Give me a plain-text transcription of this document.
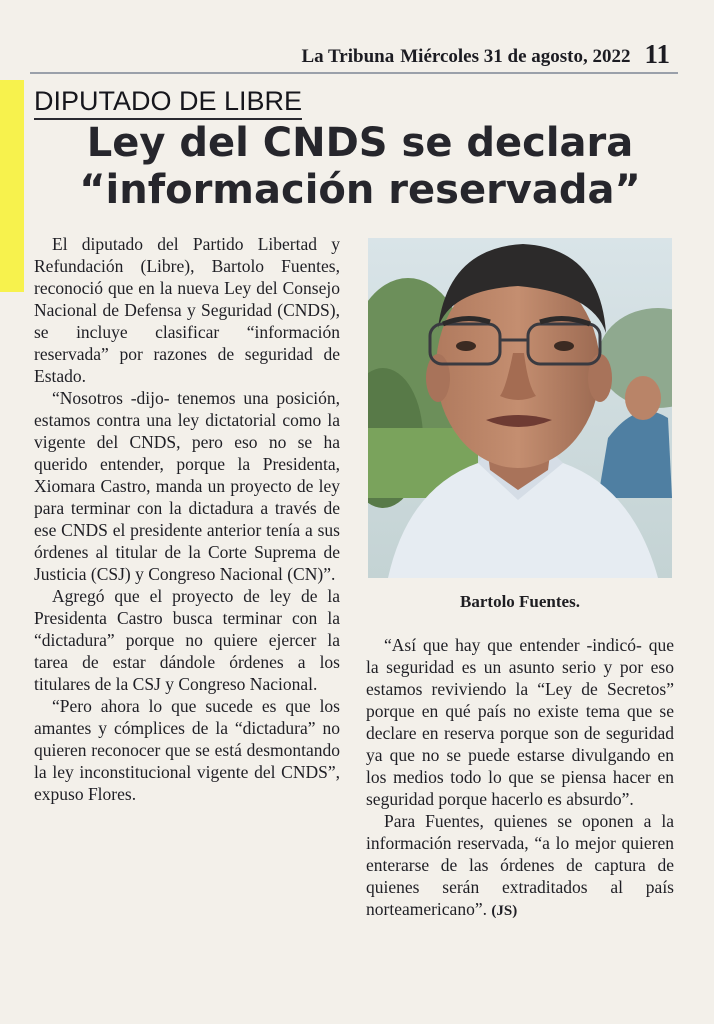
La Tribuna Miércoles 31 de agosto, 2022 11
DIPUTADO DE LIBRE
Ley del CNDS se declara
“información reservada”

El diputado del Partido Libertad y Refundación (Libre), Bartolo Fuentes, reconoció que en la nueva Ley del Consejo Nacional de Defensa y Seguridad (CNDS), se incluye clasificar “información reservada” por razones de seguridad de Estado.

“Nosotros -dijo- tenemos una posición, estamos contra una ley dictatorial como la vigente del CNDS, pero eso no se ha querido entender, porque la Presidenta, Xiomara Castro, manda un proyecto de ley para terminar con la dictadura a través de ese CNDS el presidente anterior tenía a sus órdenes al titular de la Corte Suprema de Justicia (CSJ) y Congreso Nacional (CN)”.

Agregó que el proyecto de ley de la Presidenta Castro busca terminar con la “dictadura” porque no quiere ejercer la tarea de estar dándole órdenes a los titulares de la CSJ y Congreso Nacional.

“Pero ahora lo que sucede es que los amantes y cómplices de la “dictadura” no quieren reconocer que se está desmontando la ley inconstitucional vigente del CNDS”, expuso Flores.

Bartolo Fuentes.

“Así que hay que entender -indicó- que la seguridad es un asunto serio y por eso estamos reviviendo la “Ley de Secretos” porque en qué país no existe tema que se declare en reserva porque son de seguridad ya que no se puede estarse divulgando en los medios todo lo que se piensa hacer en seguridad porque hacerlo es absurdo”.

Para Fuentes, quienes se oponen a la información reservada, “a lo mejor quieren enterarse de las órdenes de captura de quienes serán extraditados al país norteamericano”. (JS)
